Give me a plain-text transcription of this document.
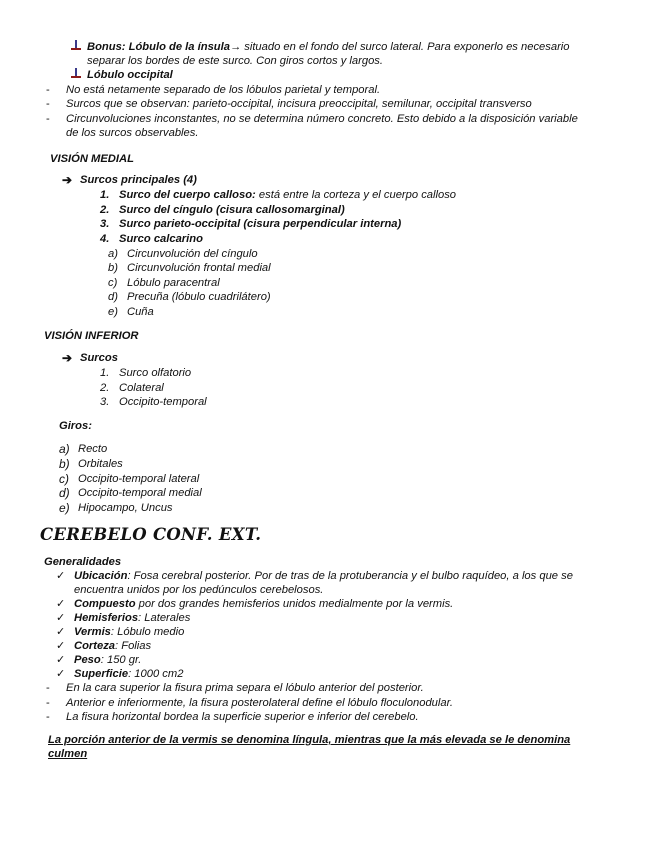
Bonus: Lóbulo de la ínsula→ situado en el fondo del surco lateral. Para exponerlo es necesario
separar los bordes de este surco. Con giros cortos y largos.
Lóbulo occipital
- No está netamente separado de los lóbulos parietal y temporal.
- Surcos que se observan: parieto-occipital, incisura preoccipital, semilunar, occipital transverso
- Circunvoluciones inconstantes, no se determina número concreto. Esto debido a la disposición variable
de los surcos observables.
VISIÓN MEDIAL
➔ Surcos principales (4)
1. Surco del cuerpo calloso: está entre la corteza y el cuerpo calloso
2. Surco del cíngulo (cisura callosomarginal)
3. Surco parieto-occipital (cisura perpendicular interna)
4. Surco calcarino
a) Circunvolución del cíngulo
b) Circunvolución frontal medial
c) Lóbulo paracentral
d) Precuña (lóbulo cuadrilátero)
e) Cuña
VISIÓN INFERIOR
➔ Surcos
1. Surco olfatorio
2. Colateral
3. Occipito-temporal
Giros:
a) Recto
b) Orbitales
c) Occipito-temporal lateral
d) Occipito-temporal medial
e) Hipocampo, Uncus
CEREBELO CONF. EXT.
Generalidades
✓ Ubicación: Fosa cerebral posterior. Por de tras de la protuberancia y el bulbo raquídeo, a los que se
encuentra unidos por los pedúnculos cerebelosos.
✓ Compuesto por dos grandes hemisferios unidos medialmente por la vermis.
✓ Hemisferios: Laterales
✓ Vermis: Lóbulo medio
✓ Corteza: Folias
✓ Peso: 150 gr.
✓ Superficie: 1000 cm2
- En la cara superior la fisura prima separa el lóbulo anterior del posterior.
- Anterior e inferiormente, la fisura posterolateral define el lóbulo floculonodular.
- La fisura horizontal bordea la superficie superior e inferior del cerebelo.
La porción anterior de la vermis se denomina língula, mientras que la más elevada se le denomina
culmen
